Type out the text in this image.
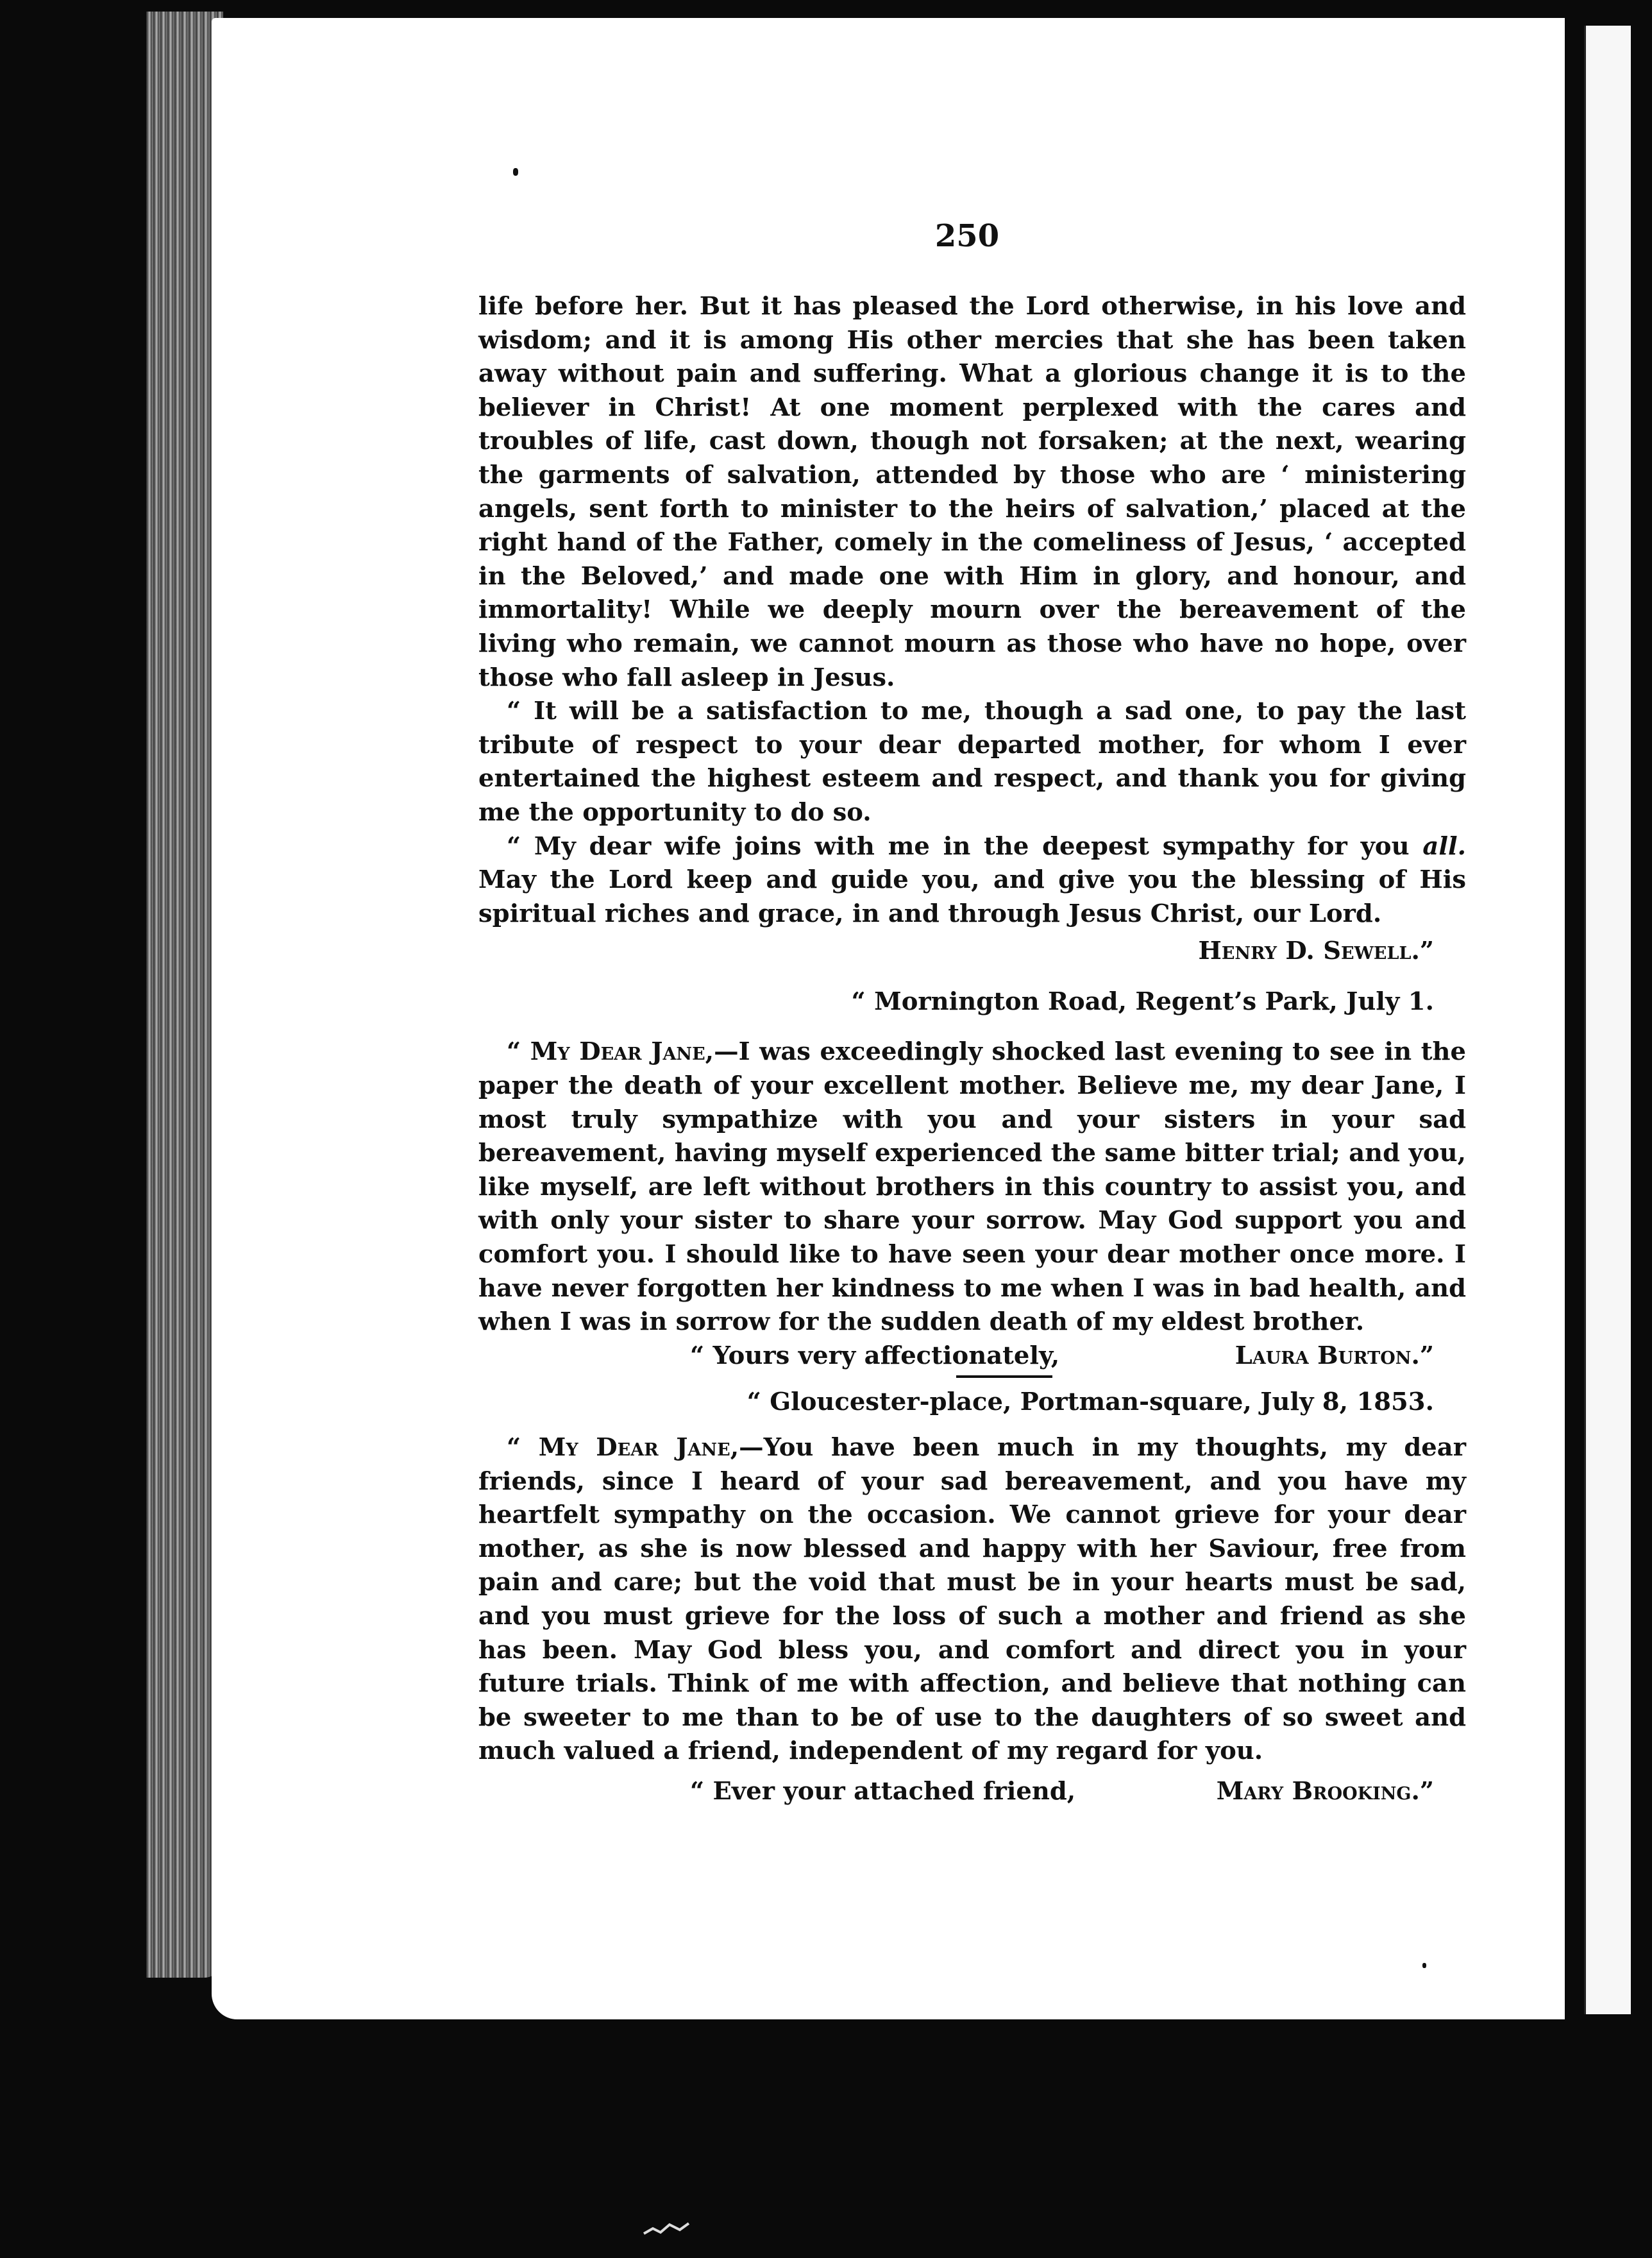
250

life before her. But it has pleased the Lord otherwise, in his love and wisdom; and it is among His other mercies that she has been taken away without pain and suffering. What a glorious change it is to the believer in Christ! At one moment perplexed with the cares and troubles of life, cast down, though not forsaken; at the next, wearing the garments of salvation, attended by those who are ‘ ministering angels, sent forth to minister to the heirs of salvation,’ placed at the right hand of the Father, comely in the comeliness of Jesus, ‘ accepted in the Beloved,’ and made one with Him in glory, and honour, and immortality! While we deeply mourn over the bereavement of the living who remain, we cannot mourn as those who have no hope, over those who fall asleep in Jesus.

“ It will be a satisfaction to me, though a sad one, to pay the last tribute of respect to your dear departed mother, for whom I ever entertained the highest esteem and respect, and thank you for giving me the opportunity to do so.

“ My dear wife joins with me in the deepest sympathy for you all. May the Lord keep and guide you, and give you the blessing of His spiritual riches and grace, in and through Jesus Christ, our Lord.

Henry D. Sewell.”

“ Mornington Road, Regent’s Park, July 1.

“ My Dear Jane,—I was exceedingly shocked last evening to see in the paper the death of your excellent mother. Believe me, my dear Jane, I most truly sympathize with you and your sisters in your sad bereavement, having myself experienced the same bitter trial; and you, like myself, are left without brothers in this country to assist you, and with only your sister to share your sorrow. May God support you and comfort you. I should like to have seen your dear mother once more. I have never forgotten her kindness to me when I was in bad health, and when I was in sorrow for the sudden death of my eldest brother.

“ Yours very affectionately,	Laura Burton.”

“ Gloucester-place, Portman-square, July 8, 1853.

“ My Dear Jane,—You have been much in my thoughts, my dear friends, since I heard of your sad bereavement, and you have my heartfelt sympathy on the occasion. We cannot grieve for your dear mother, as she is now blessed and happy with her Saviour, free from pain and care; but the void that must be in your hearts must be sad, and you must grieve for the loss of such a mother and friend as she has been. May God bless you, and comfort and direct you in your future trials. Think of me with affection, and believe that nothing can be sweeter to me than to be of use to the daughters of so sweet and much valued a friend, independent of my regard for you.

“ Ever your attached friend,	Mary Brooking.”
